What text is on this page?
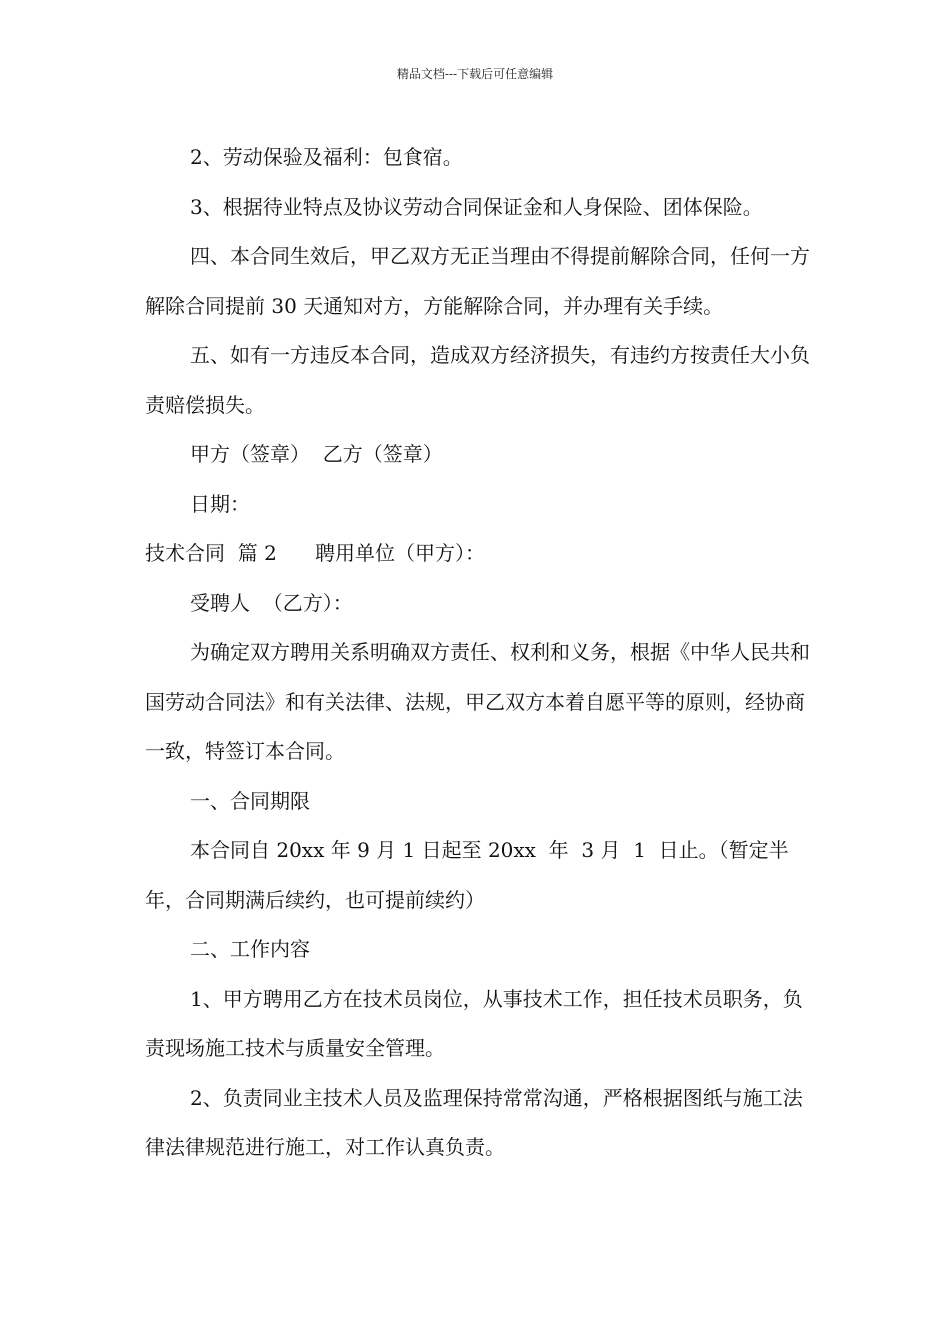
精品文档---下载后可任意编辑

2、劳动保验及福利：包食宿。

3、根据待业特点及协议劳动合同保证金和人身保险、团体保险。

四、本合同生效后，甲乙双方无正当理由不得提前解除合同，任何一方解除合同提前 30 天通知对方，方能解除合同，并办理有关手续。

五、如有一方违反本合同，造成双方经济损失，有违约方按责任大小负责赔偿损失。

甲方（签章）  乙方（签章）

日期：

技术合同  篇 2      聘用单位（甲方）：

受聘人  （乙方）：

为确定双方聘用关系明确双方责任、权利和义务，根据《中华人民共和国劳动合同法》和有关法律、法规，甲乙双方本着自愿平等的原则，经协商一致，特签订本合同。

一、合同期限

本合同自 20xx 年 9 月 1 日起至 20xx  年  3 月  1  日止。（暂定半年，合同期满后续约，也可提前续约）

二、工作内容

1、甲方聘用乙方在技术员岗位，从事技术工作，担任技术员职务，负责现场施工技术与质量安全管理。

2、负责同业主技术人员及监理保持常常沟通，严格根据图纸与施工法律法律规范进行施工，对工作认真负责。
